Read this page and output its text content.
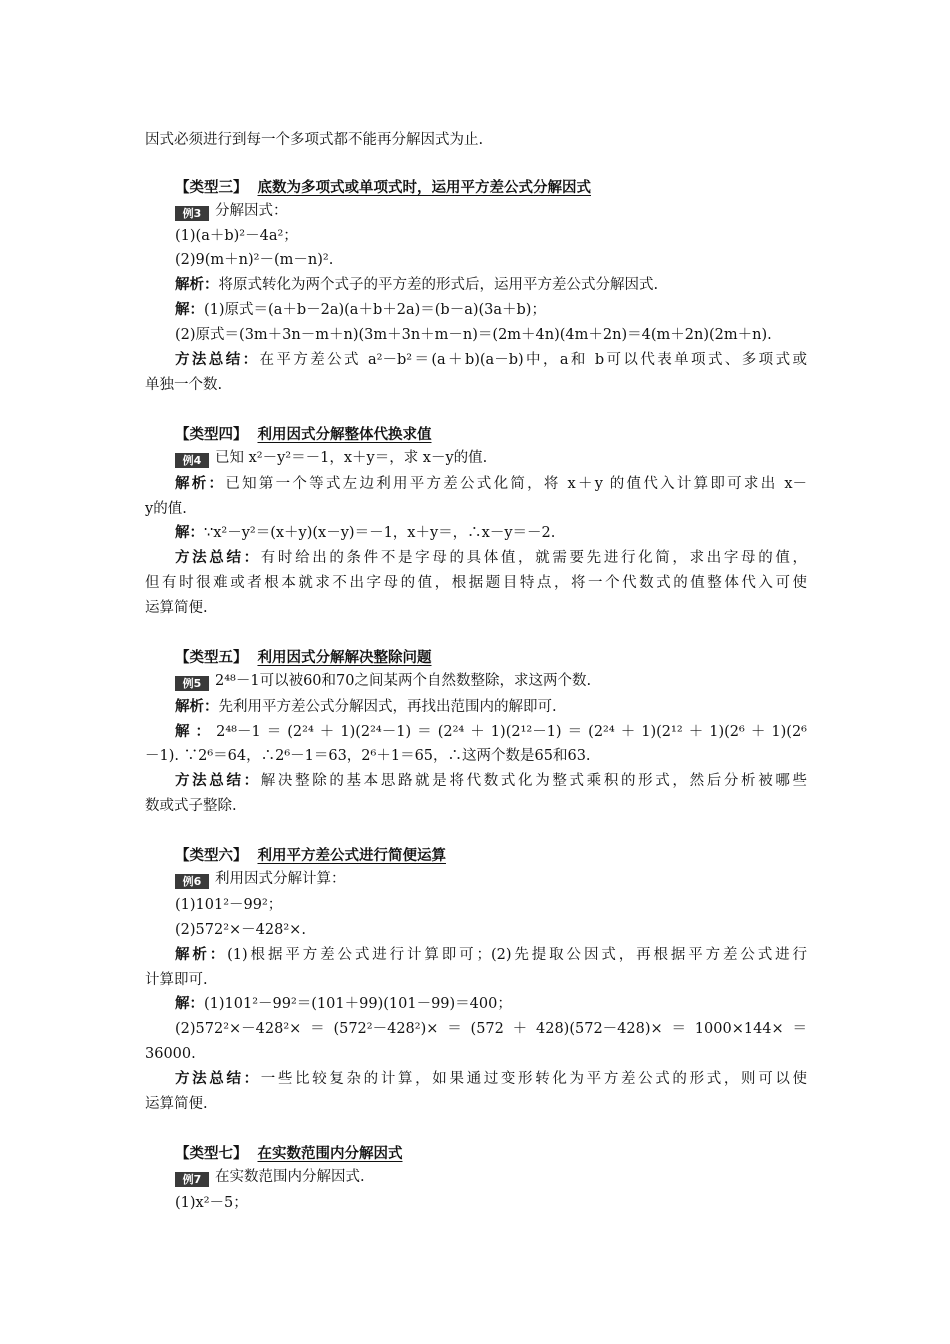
因式必须进行到每一个多项式都不能再分解因式为止.
【类型三】 底数为多项式或单项式时，运用平方差公式分解因式
例3 分解因式：
(1)(a＋b)²－4a²；
(2)9(m＋n)²－(m－n)².
解析：将原式转化为两个式子的平方差的形式后，运用平方差公式分解因式.
解：(1)原式＝(a＋b－2a)(a＋b＋2a)＝(b－a)(3a＋b)；
(2)原式＝(3m＋3n－m＋n)(3m＋3n＋m－n)＝(2m＋4n)(4m＋2n)＝4(m＋2n)(2m＋n).
方法总结：在平方差公式 a²－b²＝(a＋b)(a－b)中，a和 b可以代表单项式、多项式或
单独一个数.
【类型四】 利用因式分解整体代换求值
例4 已知 x²－y²＝－1，x＋y＝，求 x－y的值.
解析：已知第一个等式左边利用平方差公式化简，将 x＋y 的值代入计算即可求出 x－
y的值.
解：∵x²－y²＝(x＋y)(x－y)＝－1，x＋y＝，∴x－y＝－2.
方法总结：有时给出的条件不是字母的具体值，就需要先进行化简，求出字母的值，
但有时很难或者根本就求不出字母的值，根据题目特点，将一个代数式的值整体代入可使
运算简便.
【类型五】 利用因式分解解决整除问题
例5 2⁴⁸－1可以被60和70之间某两个自然数整除，求这两个数.
解析：先利用平方差公式分解因式，再找出范围内的解即可.
解：2⁴⁸－1＝(2²⁴＋1)(2²⁴－1)＝(2²⁴＋1)(2¹²－1)＝(2²⁴＋1)(2¹²＋1)(2⁶＋1)(2⁶
－1). ∵2⁶＝64，∴2⁶－1＝63，2⁶＋1＝65，∴这两个数是65和63.
方法总结：解决整除的基本思路就是将代数式化为整式乘积的形式，然后分析被哪些
数或式子整除.
【类型六】 利用平方差公式进行简便运算
例6 利用因式分解计算：
(1)101²－99²；
(2)572²×－428²×.
解析：(1)根据平方差公式进行计算即可；(2)先提取公因式，再根据平方差公式进行
计算即可.
解：(1)101²－99²＝(101＋99)(101－99)＝400；
(2)572²×－428²×＝(572²－428²)×＝(572＋428)(572－428)×＝1000×144×＝
36000.
方法总结：一些比较复杂的计算，如果通过变形转化为平方差公式的形式，则可以使
运算简便.
【类型七】 在实数范围内分解因式
例7 在实数范围内分解因式.
(1)x²－5；
